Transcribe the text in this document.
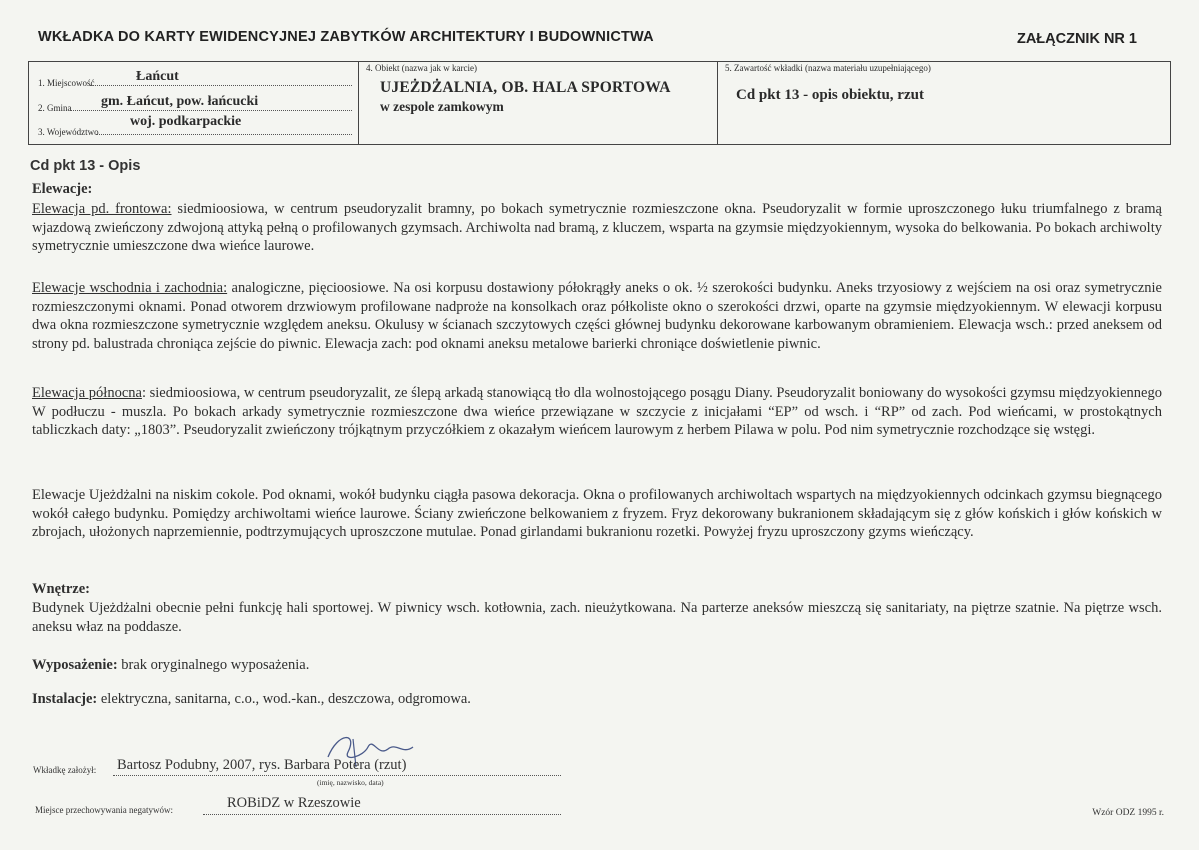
WKŁADKA DO KARTY EWIDENCYJNEJ ZABYTKÓW ARCHITEKTURY I BUDOWNICTWA	ZAŁĄCZNIK NR 1
1. Miejscowość	Łańcut
2. Gmina gm. Łańcut, pow. łańcucki
3. Województwo
woj. podkarpackie
4. Obiekt (nazwa jak w karcie)
UJEŻDŻALNIA, OB. HALA SPORTOWA
w zespole zamkowym
5. Zawartość wkładki (nazwa materiału uzupełniającego)
Cd pkt 13 - opis obiektu, rzut
Cd pkt 13 - Opis
Elewacje:
Elewacja pd. frontowa: siedmioosiowa, w centrum pseudoryzalit bramny, po bokach symetrycznie rozmieszczone okna. Pseudoryzalit w formie uproszczonego łuku triumfalnego z bramą wjazdową zwieńczony zdwojoną attyką pełną o profilowanych gzymsach. Archiwolta nad bramą, z kluczem, wsparta na gzymsie międzyokiennym, wysoka do belkowania. Po bokach archiwolty symetrycznie umieszczone dwa wieńce laurowe.
Elewacje wschodnia i zachodnia: analogiczne, pięcioosiowe. Na osi korpusu dostawiony półokrągły aneks o ok. ½ szerokości budynku. Aneks trzyosiowy z wejściem na osi oraz symetrycznie rozmieszczonymi oknami. Ponad otworem drzwiowym profilowane nadproże na konsolkach oraz półkoliste okno o szerokości drzwi, oparte na gzymsie międzyokiennym. W elewacji korpusu dwa okna rozmieszczone symetrycznie względem aneksu. Okulusy w ścianach szczytowych części głównej budynku dekorowane karbowanym obramieniem. Elewacja wsch.: przed aneksem od strony pd. balustrada chroniąca zejście do piwnic. Elewacja zach: pod oknami aneksu metalowe barierki chroniące doświetlenie piwnic.
Elewacja północna: siedmioosiowa, w centrum pseudoryzalit, ze ślepą arkadą stanowiącą tło dla wolnostojącego posągu Diany. Pseudoryzalit boniowany do wysokości gzymsu międzyokiennego W podłuczu - muszla. Po bokach arkady symetrycznie rozmieszczone dwa wieńce przewiązane w szczycie z inicjałami “EP” od wsch. i “RP” od zach. Pod wieńcami, w prostokątnych tabliczkach daty: „1803”. Pseudoryzalit zwieńczony trójkątnym przyczółkiem z okazałym wieńcem laurowym z herbem Pilawa w polu. Pod nim symetrycznie rozchodzące się wstęgi.
Elewacje Ujeżdżalni na niskim cokole. Pod oknami, wokół budynku ciągła pasowa dekoracja. Okna o profilowanych archiwoltach wspartych na międzyokiennych odcinkach gzymsu biegnącego wokół całego budynku. Pomiędzy archiwoltami wieńce laurowe. Ściany zwieńczone belkowaniem z fryzem. Fryz dekorowany bukranionem składającym się z głów końskich i głów końskich w zbrojach, ułożonych naprzemiennie, podtrzymujących uproszczone mutulae. Ponad girlandami bukranionu rozetki. Powyżej fryzu uproszczony gzyms wieńczący.
Wnętrze:
Budynek Ujeżdżalni obecnie pełni funkcję hali sportowej. W piwnicy wsch. kotłownia, zach. nieużytkowana. Na parterze aneksów mieszczą się sanitariaty, na piętrze szatnie. Na piętrze wsch. aneksu właz na poddasze.
Wyposażenie: brak oryginalnego wyposażenia.
Instalacje: elektryczna, sanitarna, c.o., wod.-kan., deszczowa, odgromowa.
Wkładkę założył: Bartosz Podubny, 2007, rys. Barbara Potera (rzut)
(imię, nazwisko, data)
Miejsce przechowywania negatywów:	ROBiDZ w Rzeszowie
Wzór ODZ 1995 r.
